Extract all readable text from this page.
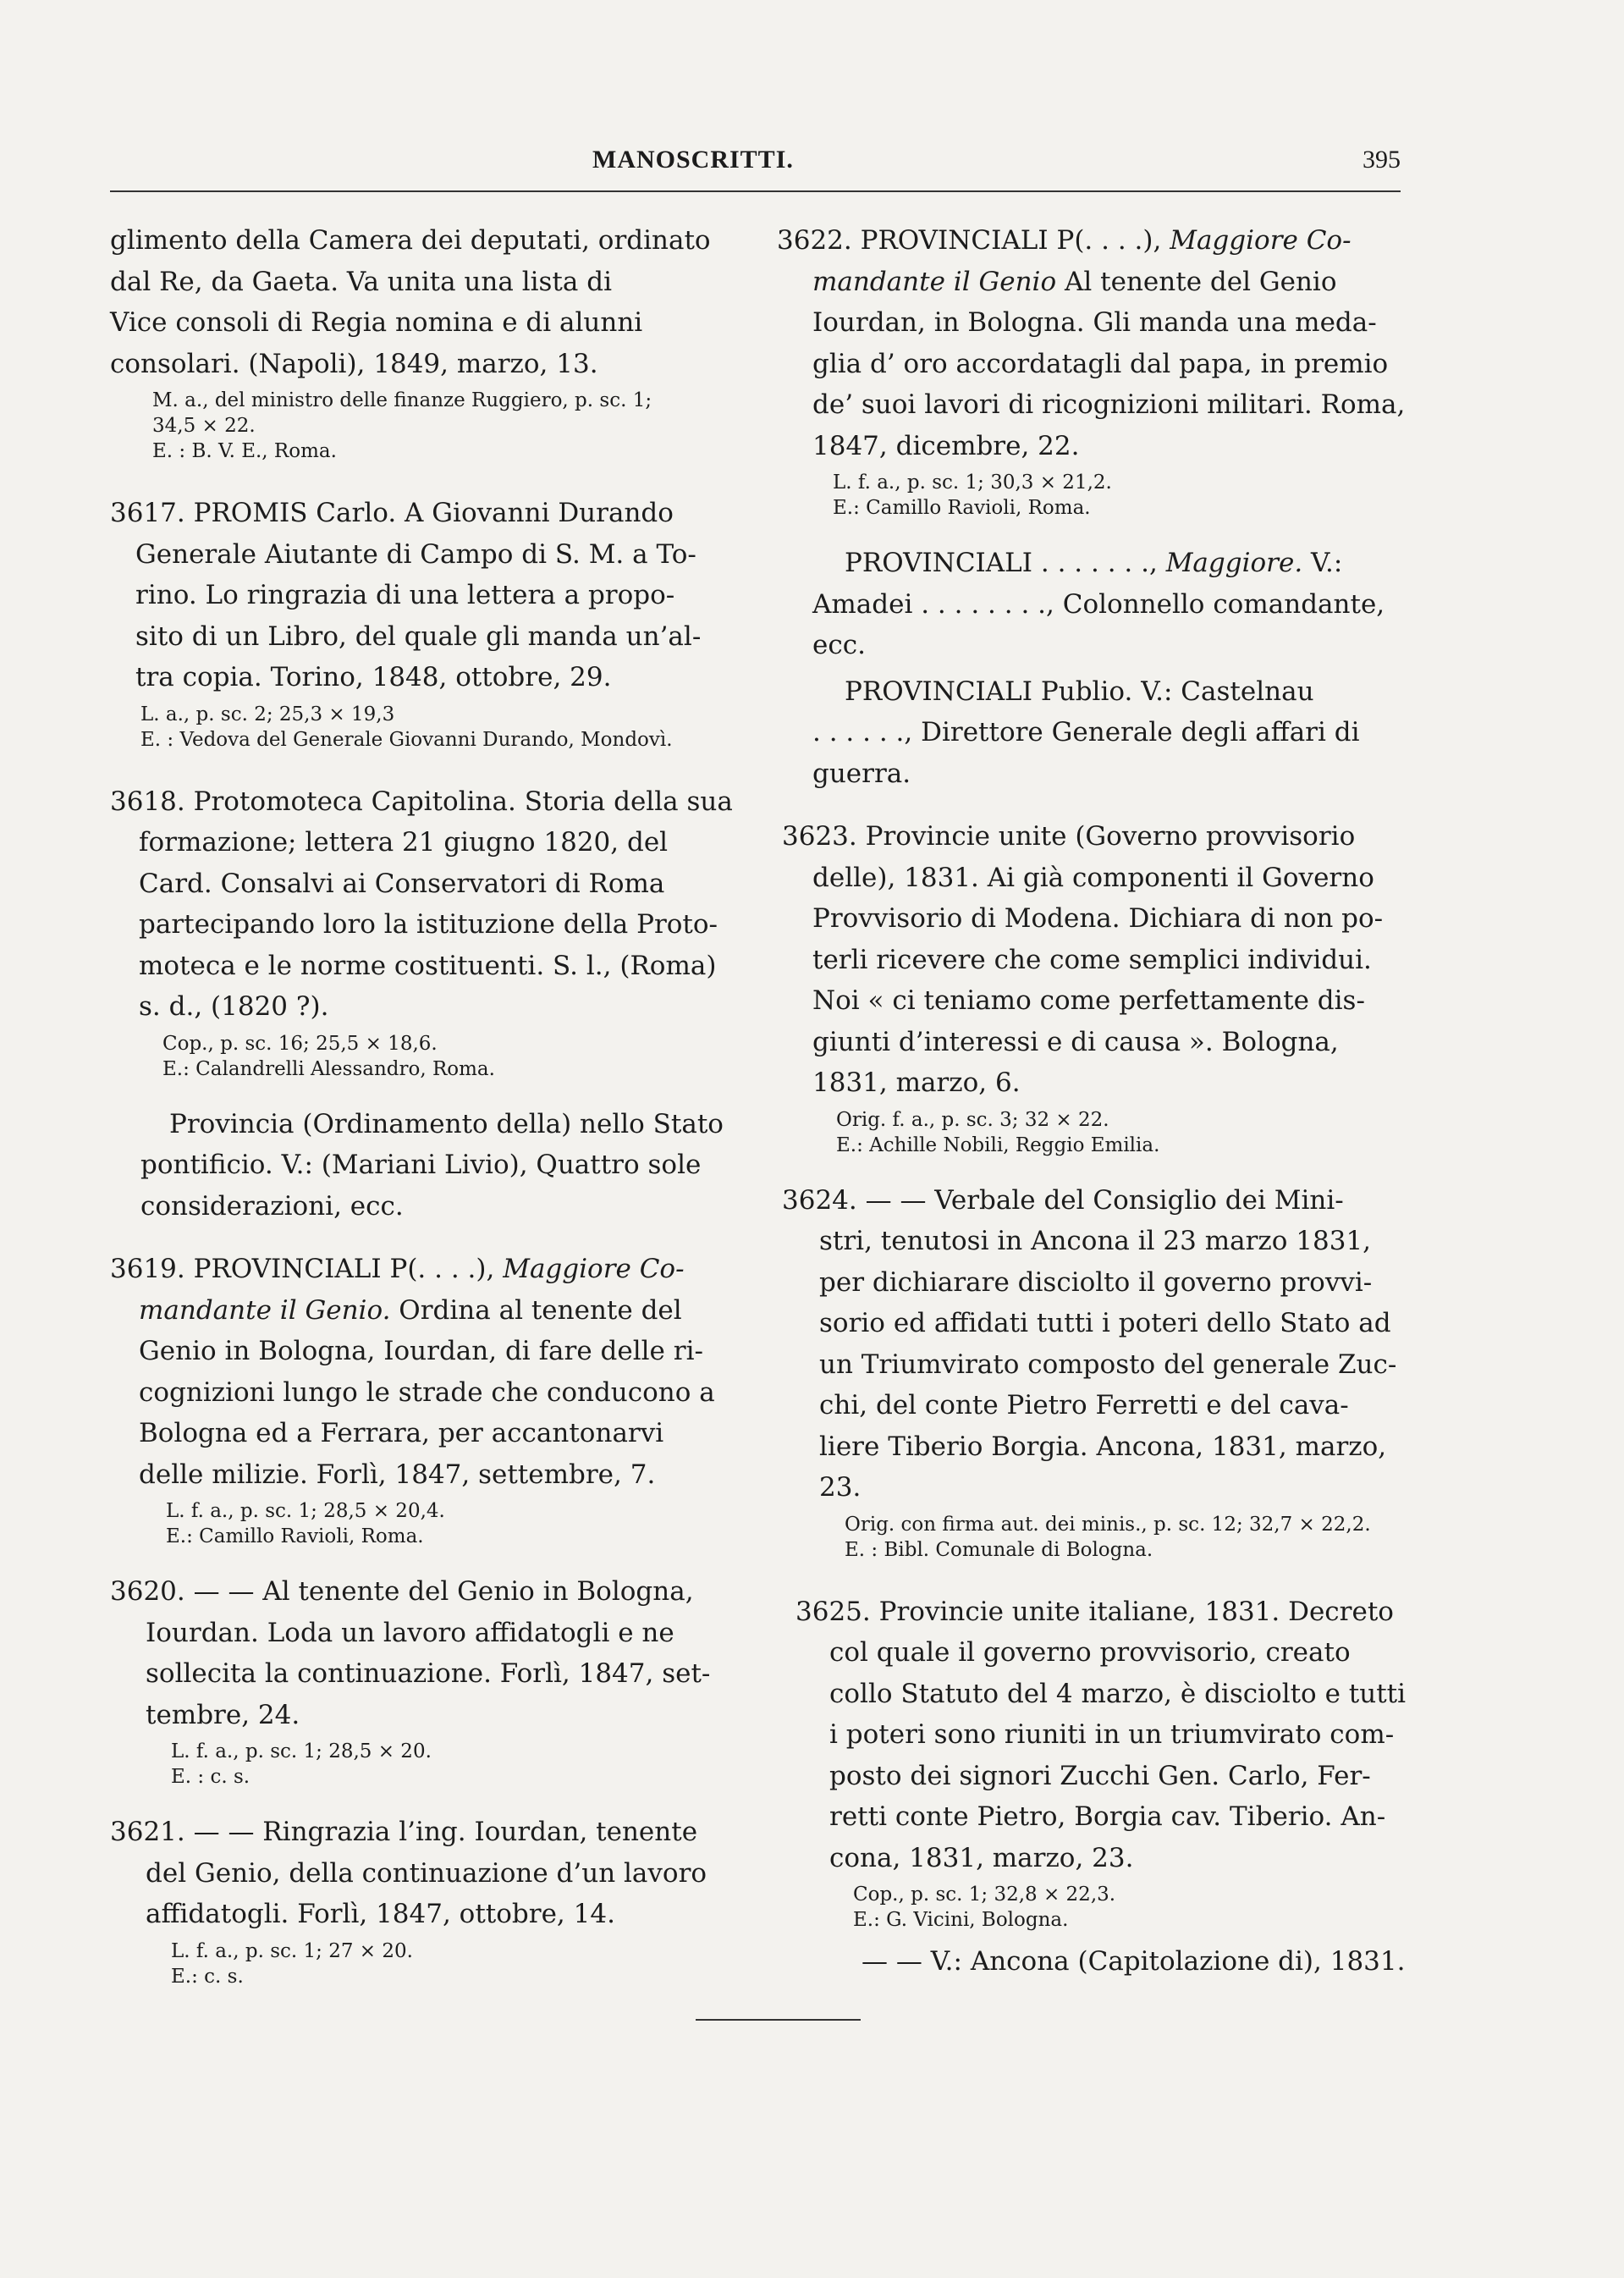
MANOSCRITTI.	395
glimento della Camera dei deputati, ordinato
dal Re, da Gaeta. Va unita una lista di
Vice consoli di Regia nomina e di alunni
consolari. (Napoli), 1849, marzo, 13.
M. a., del ministro delle finanze Ruggiero, p. sc. 1;
34,5 ⨯ 22.
E. : B. V. E., Roma.
3617. PROMIS Carlo. A Giovanni Durando
Generale Aiutante di Campo di S. M. a To-
rino. Lo ringrazia di una lettera a propo-
sito di un Libro, del quale gli manda un’al-
tra copia. Torino, 1848, ottobre, 29.
L. a., p. sc. 2; 25,3 ⨯ 19,3
E. : Vedova del Generale Giovanni Durando, Mondovì.
3618. Protomoteca Capitolina. Storia della sua
formazione; lettera 21 giugno 1820, del
Card. Consalvi ai Conservatori di Roma
partecipando loro la istituzione della Proto-
moteca e le norme costituenti. S. l., (Roma)
s. d., (1820 ?).
Cop., p. sc. 16; 25,5 ⨯ 18,6.
E.: Calandrelli Alessandro, Roma.
Provincia (Ordinamento della) nello Stato
pontificio. V.: (Mariani Livio), Quattro sole
considerazioni, ecc.
3619. PROVINCIALI P(. . . .), Maggiore Co-
mandante il Genio. Ordina al tenente del
Genio in Bologna, Iourdan, di fare delle ri-
cognizioni lungo le strade che conducono a
Bologna ed a Ferrara, per accantonarvi
delle milizie. Forlì, 1847, settembre, 7.
L. f. a., p. sc. 1; 28,5 ⨯ 20,4.
E.: Camillo Ravioli, Roma.
3620. — — Al tenente del Genio in Bologna,
Iourdan. Loda un lavoro affidatogli e ne
sollecita la continuazione. Forlì, 1847, set-
tembre, 24.
L. f. a., p. sc. 1; 28,5 ⨯ 20.
E. : c. s.
3621. — — Ringrazia l’ing. Iourdan, tenente
del Genio, della continuazione d’un lavoro
affidatogli. Forlì, 1847, ottobre, 14.
L. f. a., p. sc. 1; 27 ⨯ 20.
E.: c. s.
3622. PROVINCIALI P(. . . .), Maggiore Co-
mandante il Genio Al tenente del Genio
Iourdan, in Bologna. Gli manda una meda-
glia d’ oro accordatagli dal papa, in premio
de’ suoi lavori di ricognizioni militari. Roma,
1847, dicembre, 22.
L. f. a., p. sc. 1; 30,3 ⨯ 21,2.
E.: Camillo Ravioli, Roma.
PROVINCIALI . . . . . . ., Maggiore. V.:
Amadei . . . . . . . ., Colonnello comandante,
ecc.
PROVINCIALI Publio. V.: Castelnau
. . . . . ., Direttore Generale degli affari di
guerra.
3623. Provincie unite (Governo provvisorio
delle), 1831. Ai già componenti il Governo
Provvisorio di Modena. Dichiara di non po-
terli ricevere che come semplici individui.
Noi « ci teniamo come perfettamente dis-
giunti d’interessi e di causa ». Bologna,
1831, marzo, 6.
Orig. f. a., p. sc. 3; 32 ⨯ 22.
E.: Achille Nobili, Reggio Emilia.
3624. — — Verbale del Consiglio dei Mini-
stri, tenutosi in Ancona il 23 marzo 1831,
per dichiarare disciolto il governo provvi-
sorio ed affidati tutti i poteri dello Stato ad
un Triumvirato composto del generale Zuc-
chi, del conte Pietro Ferretti e del cava-
liere Tiberio Borgia. Ancona, 1831, marzo,
23.
Orig. con firma aut. dei minis., p. sc. 12; 32,7 ⨯ 22,2.
E. : Bibl. Comunale di Bologna.
3625. Provincie unite italiane, 1831. Decreto
col quale il governo provvisorio, creato
collo Statuto del 4 marzo, è disciolto e tutti
i poteri sono riuniti in un triumvirato com-
posto dei signori Zucchi Gen. Carlo, Fer-
retti conte Pietro, Borgia cav. Tiberio. An-
cona, 1831, marzo, 23.
Cop., p. sc. 1; 32,8 ⨯ 22,3.
E.: G. Vicini, Bologna.
— — V.: Ancona (Capitolazione di), 1831.
